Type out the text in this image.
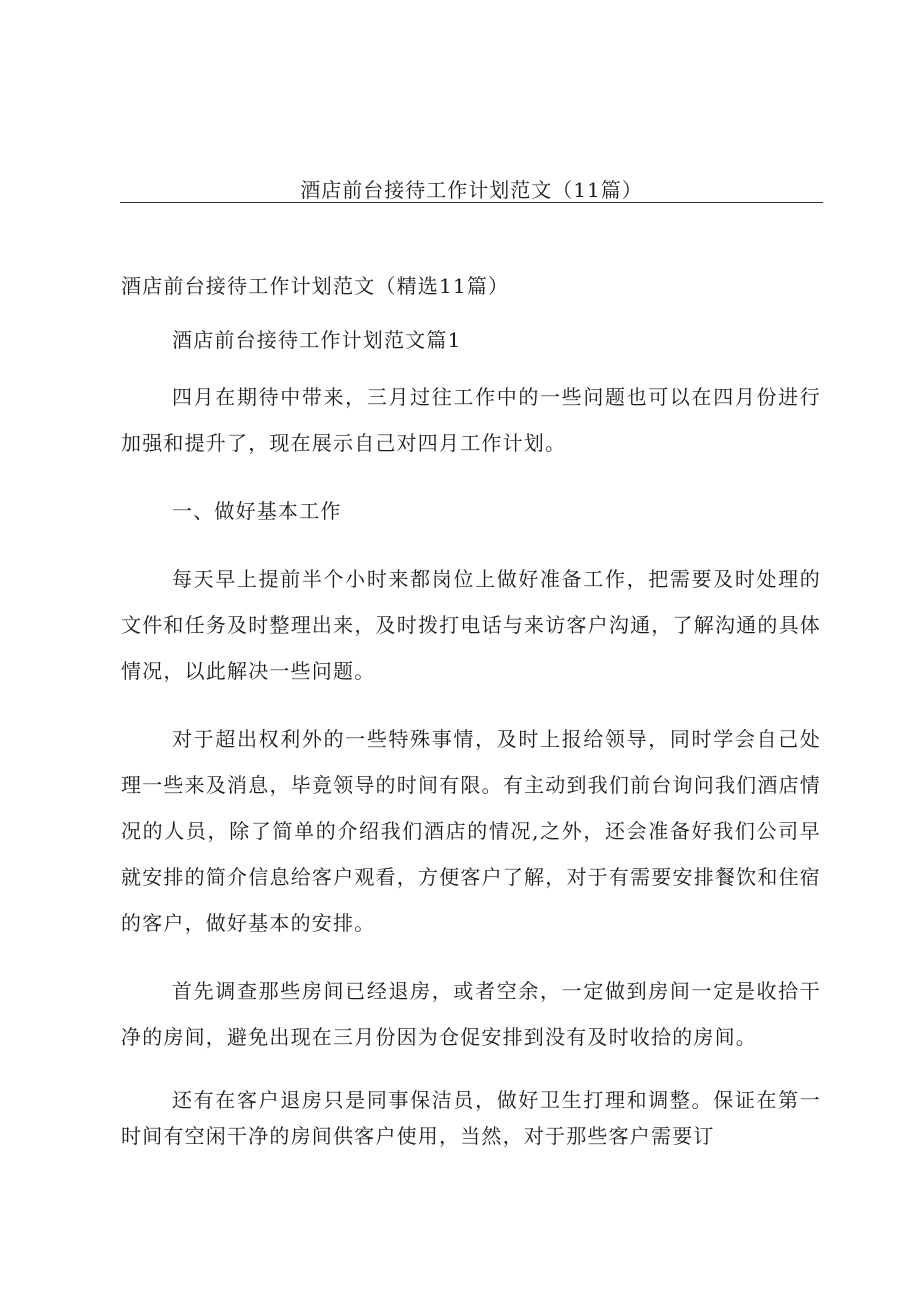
酒店前台接待工作计划范文（11篇）
酒店前台接待工作计划范文（精选11篇）
酒店前台接待工作计划范文篇1

四月在期待中带来，三月过往工作中的一些问题也可以在四月份进行加强和提升了，现在展示自己对四月工作计划。

一、做好基本工作

每天早上提前半个小时来都岗位上做好准备工作，把需要及时处理的文件和任务及时整理出来，及时拨打电话与来访客户沟通，了解沟通的具体情况，以此解决一些问题。

对于超出权利外的一些特殊事情，及时上报给领导，同时学会自己处理一些来及消息，毕竟领导的时间有限。有主动到我们前台询问我们酒店情况的人员，除了简单的介绍我们酒店的情况,之外，还会准备好我们公司早就安排的简介信息给客户观看，方便客户了解，对于有需要安排餐饮和住宿的客户，做好基本的安排。

首先调查那些房间已经退房，或者空余，一定做到房间一定是收拾干净的房间，避免出现在三月份因为仓促安排到没有及时收拾的房间。

还有在客户退房只是同事保洁员，做好卫生打理和调整。保证在第一时间有空闲干净的房间供客户使用，当然，对于那些客户需要订
